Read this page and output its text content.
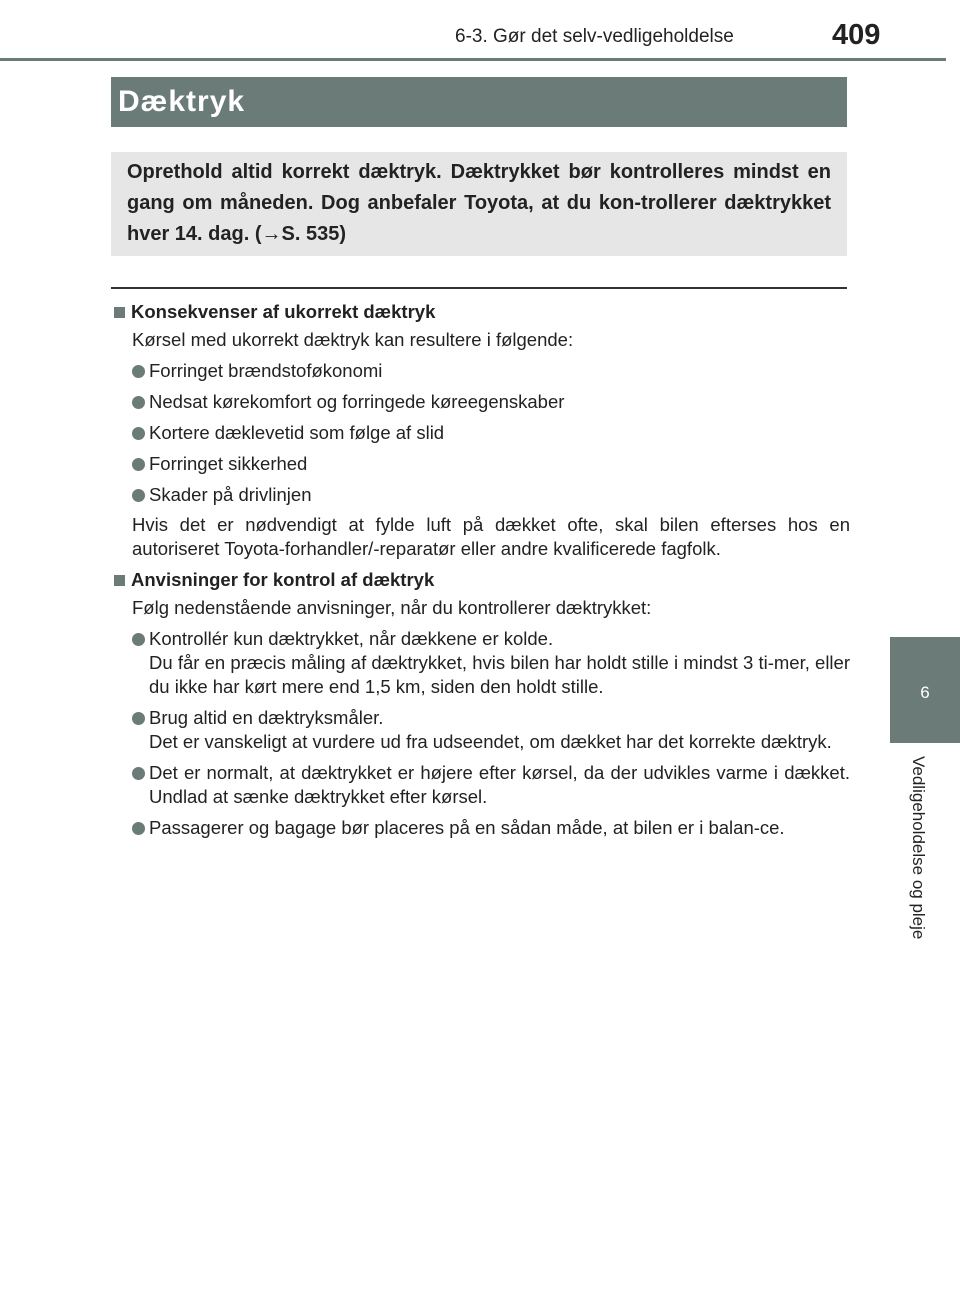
6-3. Gør det selv-vedligeholdelse	409
Dæktryk
Oprethold altid korrekt dæktryk. Dæktrykket bør kontrolleres mindst en gang om måneden. Dog anbefaler Toyota, at du kon-trollerer dæktrykket hver 14. dag. (→S. 535)
Konsekvenser af ukorrekt dæktryk
Kørsel med ukorrekt dæktryk kan resultere i følgende:
Forringet brændstoføkonomi
Nedsat kørekomfort og forringede køreegenskaber
Kortere dæklevetid som følge af slid
Forringet sikkerhed
Skader på drivlinjen
Hvis det er nødvendigt at fylde luft på dækket ofte, skal bilen efterses hos en autoriseret Toyota-forhandler/-reparatør eller andre kvalificerede fagfolk.
Anvisninger for kontrol af dæktryk
Følg nedenstående anvisninger, når du kontrollerer dæktrykket:
Kontrollér kun dæktrykket, når dækkene er kolde.
Du får en præcis måling af dæktrykket, hvis bilen har holdt stille i mindst 3 ti-mer, eller du ikke har kørt mere end 1,5 km, siden den holdt stille.
Brug altid en dæktryksmåler.
Det er vanskeligt at vurdere ud fra udseendet, om dækket har det korrekte dæktryk.
Det er normalt, at dæktrykket er højere efter kørsel, da der udvikles varme i dækket. Undlad at sænke dæktrykket efter kørsel.
Passagerer og bagage bør placeres på en sådan måde, at bilen er i balan-ce.
6
Vedligeholdelse og pleje
